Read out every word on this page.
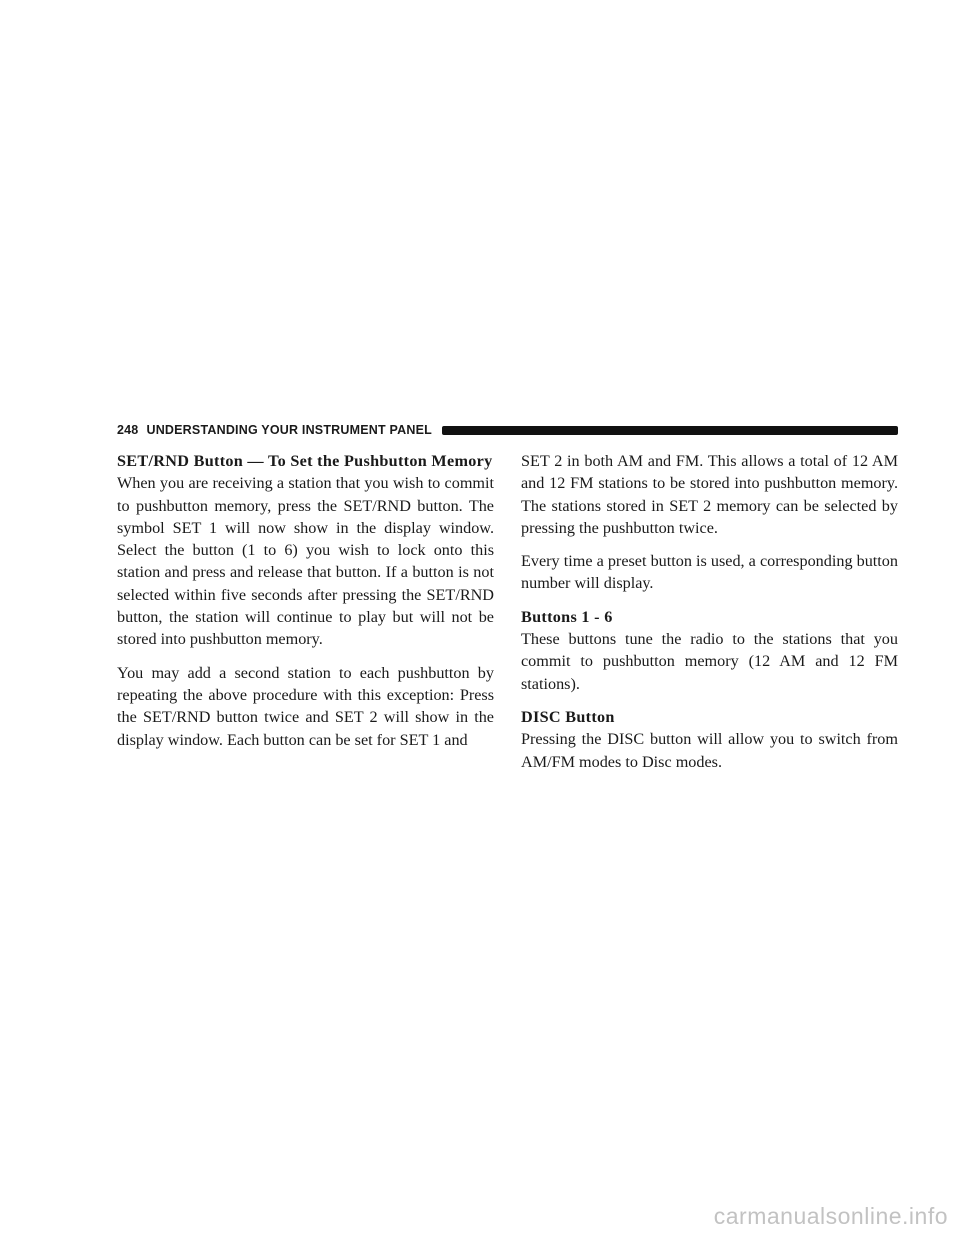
248 UNDERSTANDING YOUR INSTRUMENT PANEL
SET/RND Button — To Set the Pushbutton Memory

When you are receiving a station that you wish to commit to pushbutton memory, press the SET/RND button. The symbol SET 1 will now show in the display window. Select the button (1 to 6) you wish to lock onto this station and press and release that button. If a button is not selected within five seconds after pressing the SET/RND button, the station will continue to play but will not be stored into pushbutton memory.

You may add a second station to each pushbutton by repeating the above procedure with this exception: Press the SET/RND button twice and SET 2 will show in the display window. Each button can be set for SET 1 and

SET 2 in both AM and FM. This allows a total of 12 AM and 12 FM stations to be stored into pushbutton memory. The stations stored in SET 2 memory can be selected by pressing the pushbutton twice.

Every time a preset button is used, a corresponding button number will display.

Buttons 1 - 6

These buttons tune the radio to the stations that you commit to pushbutton memory (12 AM and 12 FM stations).

DISC Button

Pressing the DISC button will allow you to switch from AM/FM modes to Disc modes.

carmanualsonline.info
